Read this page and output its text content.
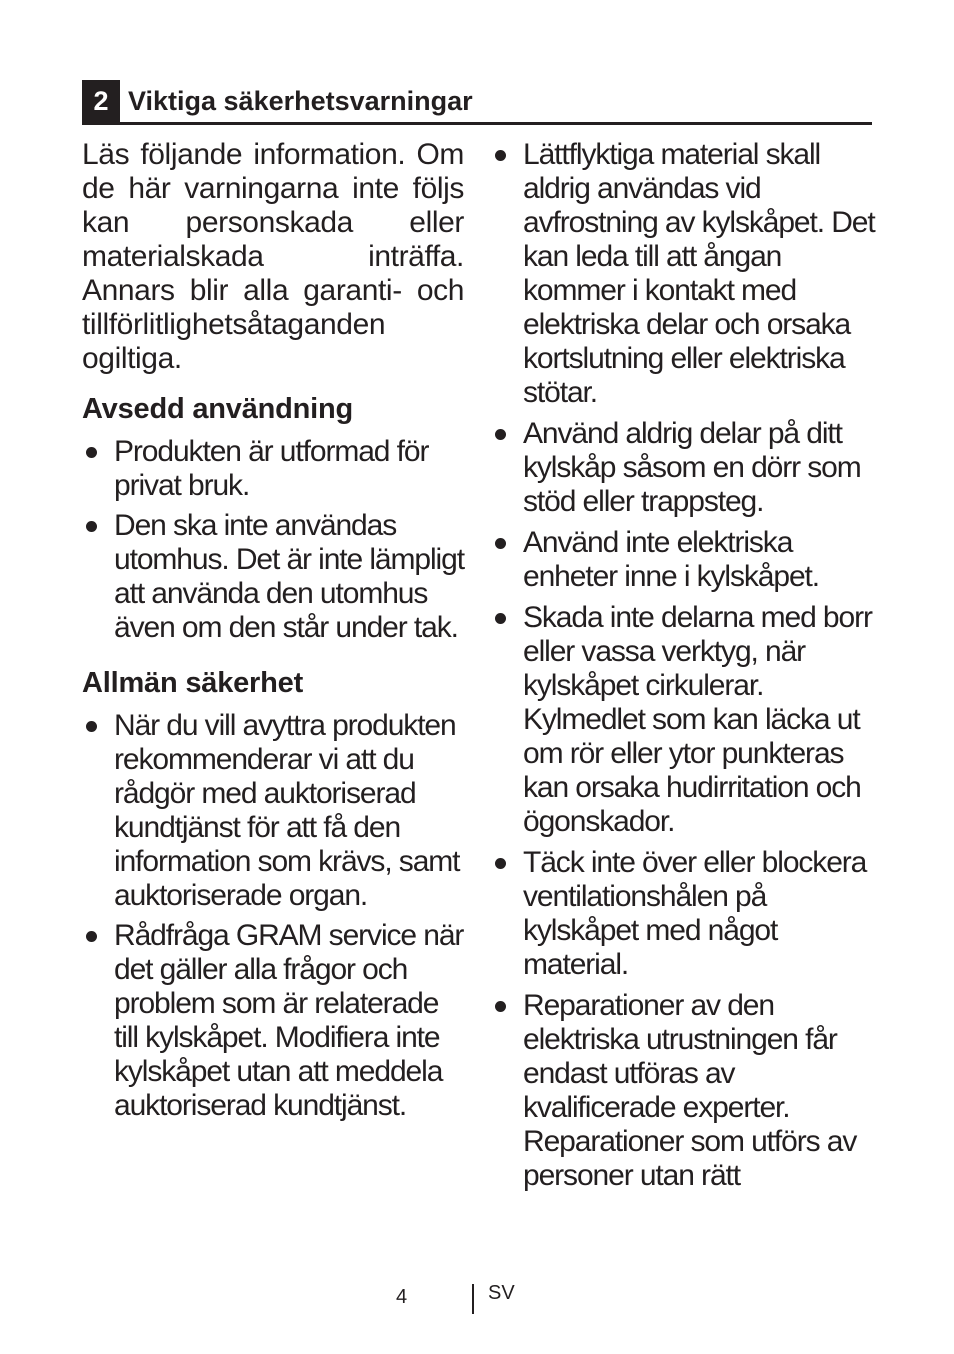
2 Viktiga säkerhetsvarningar

Läs följande information. Om de här varningarna inte följs kan personskada eller materialskada inträffa. Annars blir alla garanti- och tillförlitlighetsåtaganden ogiltiga.

Avsedd användning
Produkten är utformad för privat bruk.
Den ska inte användas utomhus. Det är inte lämpligt att använda den utomhus även om den står under tak.
Allmän säkerhet
När du vill avyttra produkten rekommenderar vi att du rådgör med auktoriserad kundtjänst för att få den information som krävs, samt auktoriserade organ.
Rådfråga GRAM service när det gäller alla frågor och problem som är relaterade till kylskåpet. Modifiera inte kylskåpet utan att meddela auktoriserad kundtjänst.
Lättflyktiga material skall aldrig användas vid avfrostning av kylskåpet. Det kan leda till att ångan kommer i kontakt med elektriska delar och orsaka kortslutning eller elektriska stötar.
Använd aldrig delar på ditt kylskåp såsom en dörr som stöd eller trappsteg.
Använd inte elektriska enheter inne i kylskåpet.
Skada inte delarna med borr eller vassa verktyg, när kylskåpet cirkulerar. Kylmedlet som kan läcka ut om rör eller ytor punkteras kan orsaka hudirritation och ögonskador.
Täck inte över eller blockera ventilationshålen på kylskåpet med något material.
Reparationer av den elektriska utrustningen får endast utföras av kvalificerade experter. Reparationer som utförs av personer utan rätt
4	SV
